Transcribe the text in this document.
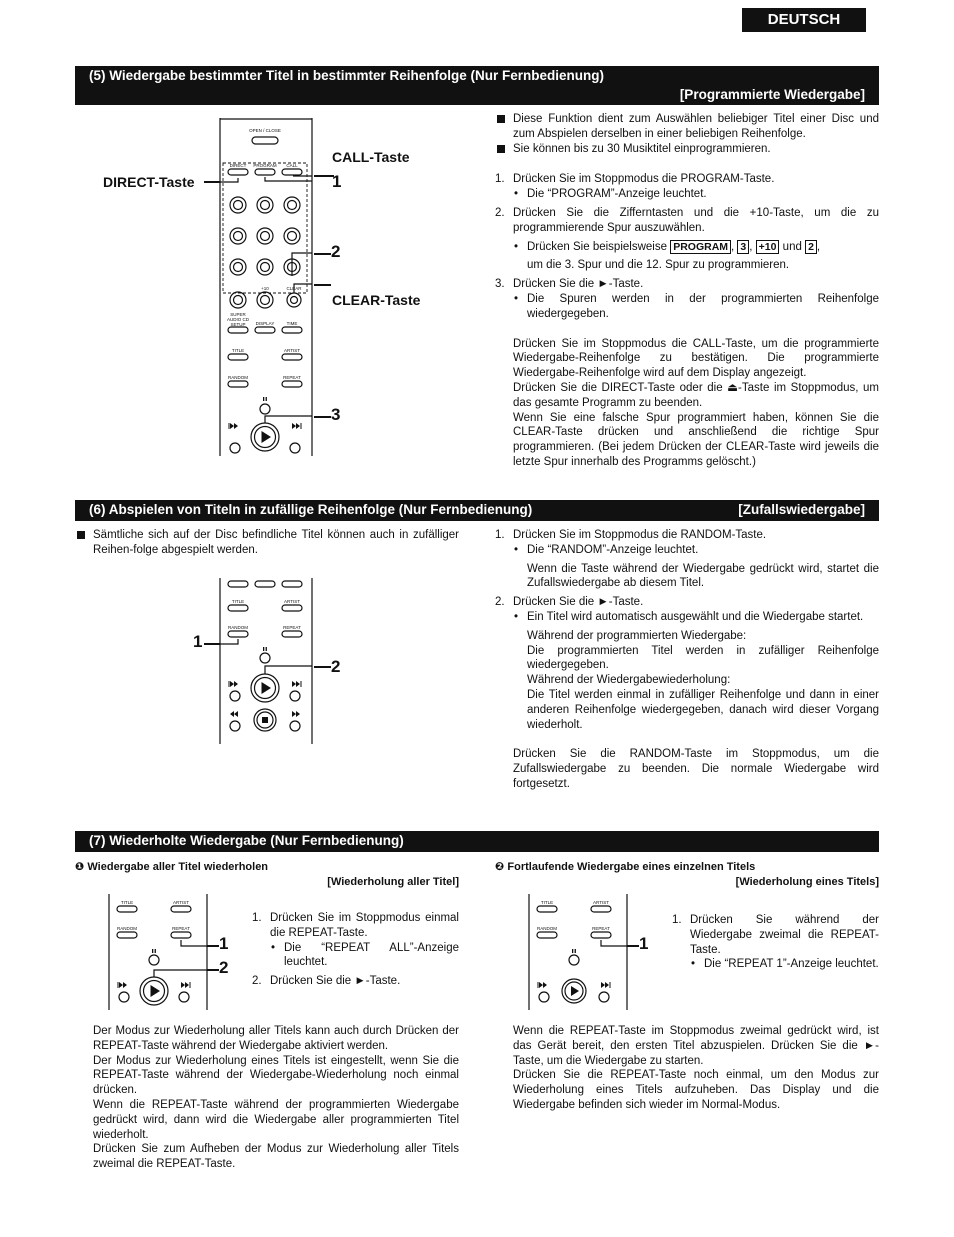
DEUTSCH
(5) Wiedergabe bestimmter Titel in bestimmter Reihenfolge (Nur Fernbedienung)
[Programmierte Wiedergabe]
OPEN / CLOSE
DIRECT PROGRAM CALL
+10	CLEAR
SUPER
AUDIO CD
SETUP DISPLAY	TIME
TITLE	ARTIST
RANDOM	REPEAT
CALL-Taste
DIRECT-Taste	1
2
CLEAR-Taste
3
Diese Funktion dient zum Auswählen beliebiger Titel einer Disc und zum Abspielen derselben in einer beliebigen Reihenfolge.
Sie können bis zu 30 Musiktitel einprogrammieren.
1. Drücken Sie im Stoppmodus die PROGRAM-Taste.
• Die “PROGRAM”-Anzeige leuchtet.
2. Drücken Sie die Zifferntasten und die +10-Taste, um die zu programmierende Spur auszuwählen.
• Drücken Sie beispielsweise PROGRAM , 3 , +10 und 2 ,
um die 3. Spur und die 12. Spur zu programmieren.
3. Drücken Sie die ►-Taste.
• Die Spuren werden in der programmierten Reihenfolge wiedergegeben.

Drücken Sie im Stoppmodus die CALL-Taste, um die programmierte Wiedergabe-Reihenfolge zu bestätigen. Die programmierte Wiedergabe-Reihenfolge wird auf dem Display angezeigt.

Drücken Sie die DIRECT-Taste oder die ⏏-Taste im Stoppmodus, um das gesamte Programm zu beenden.

Wenn Sie eine falsche Spur programmiert haben, können Sie die CLEAR-Taste drücken und anschließend die richtige Spur programmieren. (Bei jedem Drücken der CLEAR-Taste wird jeweils die letzte Spur innerhalb des Programms gelöscht.)

(6) Abspielen von Titeln in zufällige Reihenfolge (Nur Fernbedienung)	[Zufallswiedergabe]
Sämtliche sich auf der Disc befindliche Titel können auch in zufälliger Reihen-folge abgespielt werden.
TITLE	ARTIST
RANDOM	REPEAT
1
2
1. Drücken Sie im Stoppmodus die RANDOM-Taste.
• Die “RANDOM”-Anzeige leuchtet.
Wenn die Taste während der Wiedergabe gedrückt wird, startet die Zufallswiedergabe ab diesem Titel.
2. Drücken Sie die ►-Taste.
• Ein Titel wird automatisch ausgewählt und die Wiedergabe startet.

Während der programmierten Wiedergabe:

Die programmierten Titel werden in zufälliger Reihenfolge wiedergegeben.

Während der Wiedergabewiederholung:

Die Titel werden einmal in zufälliger Reihenfolge und dann in einer anderen Reihenfolge wiedergegeben, danach wird dieser Vorgang wiederholt.

Drücken Sie die RANDOM-Taste im Stoppmodus, um die Zufallswiedergabe zu beenden. Die normale Wiedergabe wird fortgesetzt.

(7) Wiederholte Wiedergabe (Nur Fernbedienung)
❶ Wiedergabe aller Titel wiederholen
[Wiederholung aller Titel]
TITLE	ARTIST
RANDOM	REPEAT
1
2
1. Drücken Sie im Stoppmodus einmal die REPEAT-Taste.
• Die “REPEAT ALL”-Anzeige leuchtet.
2. Drücken Sie die ►-Taste.

Der Modus zur Wiederholung aller Titels kann auch durch Drücken der REPEAT-Taste während der Wiedergabe aktiviert werden.

Der Modus zur Wiederholung eines Titels ist eingestellt, wenn Sie die REPEAT-Taste während der Wiedergabe-Wiederholung noch einmal drücken.

Wenn die REPEAT-Taste während der programmierten Wiedergabe gedrückt wird, dann wird die Wiedergabe aller programmierten Titel wiederholt.

Drücken Sie zum Aufheben der Modus zur Wiederholung aller Titels zweimal die REPEAT-Taste.

❷ Fortlaufende Wiedergabe eines einzelnen Titels
[Wiederholung eines Titels]
TITLE	ARTIST
RANDOM	REPEAT
1
1. Drücken Sie während der Wiedergabe zweimal die REPEAT-Taste.
• Die “REPEAT 1”-Anzeige leuchtet.

Wenn die REPEAT-Taste im Stoppmodus zweimal gedrückt wird, ist das Gerät bereit, den ersten Titel abzuspielen. Drücken Sie die ►-Taste, um die Wiedergabe zu starten.

Drücken Sie die REPEAT-Taste noch einmal, um den Modus zur Wiederholung eines Titels aufzuheben. Das Display und die Wiedergabe befinden sich wieder im Normal-Modus.
